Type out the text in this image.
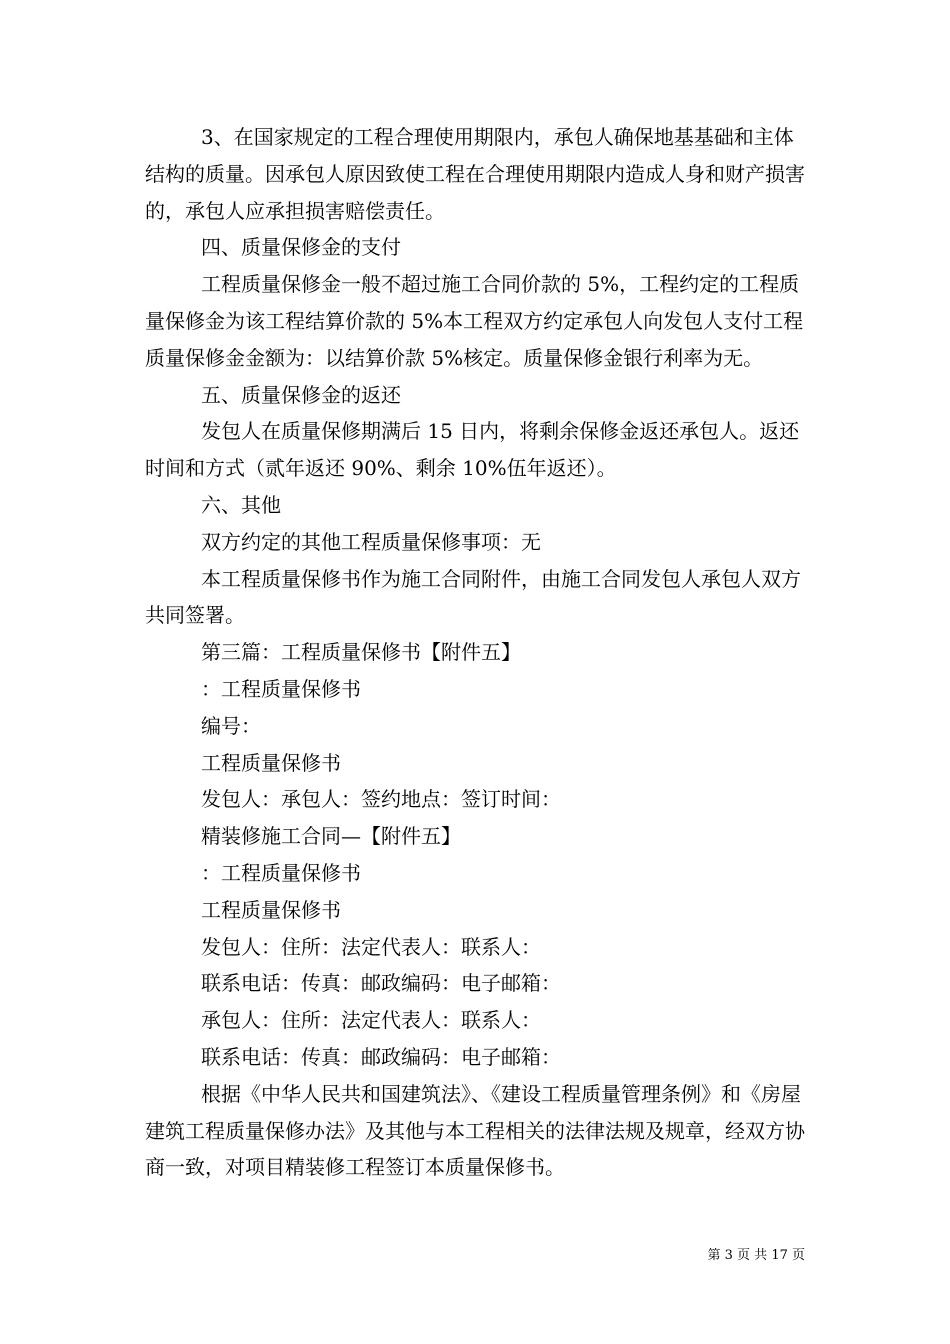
3、在国家规定的工程合理使用期限内，承包人确保地基基础和主体结构的质量。因承包人原因致使工程在合理使用期限内造成人身和财产损害的，承包人应承担损害赔偿责任。

四、质量保修金的支付

工程质量保修金一般不超过施工合同价款的 5%，工程约定的工程质量保修金为该工程结算价款的 5%本工程双方约定承包人向发包人支付工程质量保修金金额为：以结算价款 5%核定。质量保修金银行利率为无。

五、质量保修金的返还

发包人在质量保修期满后 15 日内，将剩余保修金返还承包人。返还时间和方式（贰年返还 90%、剩余 10%伍年返还）。

六、其他

双方约定的其他工程质量保修事项：无

本工程质量保修书作为施工合同附件，由施工合同发包人承包人双方共同签署。

第三篇：工程质量保修书【附件五】

：工程质量保修书

编号：

工程质量保修书

发包人：承包人：签约地点：签订时间：

精装修施工合同—【附件五】

：工程质量保修书

工程质量保修书

发包人：住所：法定代表人：联系人：

联系电话：传真：邮政编码：电子邮箱：

承包人：住所：法定代表人：联系人：

联系电话：传真：邮政编码：电子邮箱：

根据《中华人民共和国建筑法》、《建设工程质量管理条例》和《房屋建筑工程质量保修办法》及其他与本工程相关的法律法规及规章，经双方协商一致，对项目精装修工程签订本质量保修书。

第 3 页 共 17 页
